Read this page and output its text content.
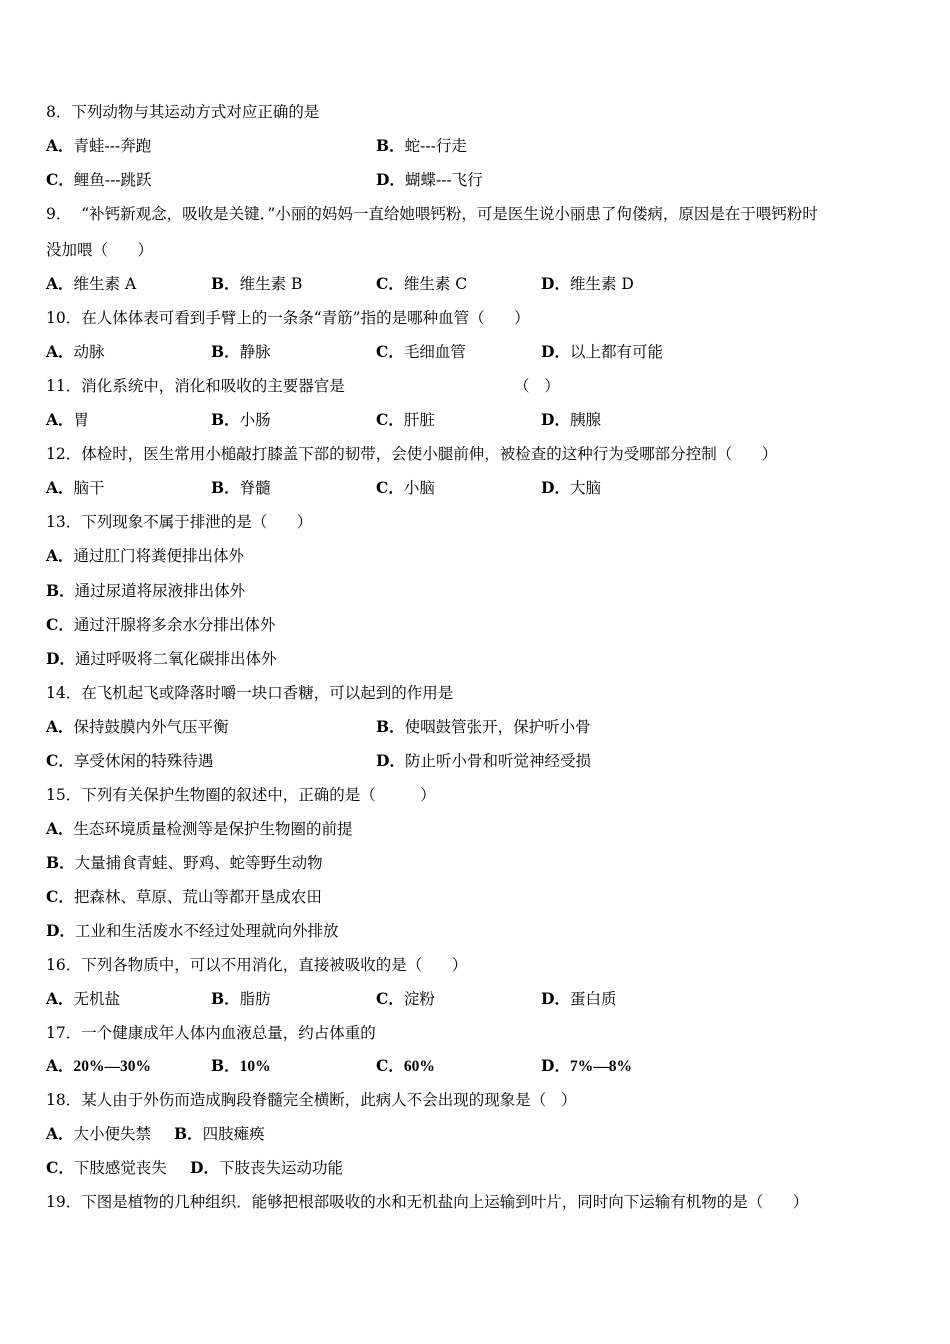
8．下列动物与其运动方式对应正确的是
A．青蛙---奔跑	B．蛇---行走
C．鲤鱼---跳跃	D．蝴蝶---飞行
9．  “补钙新观念，吸收是关键．”小丽的妈妈一直给她喂钙粉，可是医生说小丽患了佝偻病，原因是在于喂钙粉时
没加喂（      ）
A．维生素 A	B．维生素 B	C．维生素 C	D．维生素 D
10．在人体体表可看到手臂上的一条条“青筋”指的是哪种血管（      ）
A．动脉	B．静脉	C．毛细血管	D．以上都有可能
11．消化系统中，消化和吸收的主要器官是	（   ）
A．胃	B．小肠	C．肝脏	D．胰腺
12．体检时，医生常用小槌敲打膝盖下部的韧带，会使小腿前伸，被检查的这种行为受哪部分控制（      ）
A．脑干	B．脊髓	C．小脑	D．大脑
13．下列现象不属于排泄的是（      ）
A．通过肛门将粪便排出体外
B．通过尿道将尿液排出体外
C．通过汗腺将多余水分排出体外
D．通过呼吸将二氧化碳排出体外
14．在飞机起飞或降落时嚼一块口香糖，可以起到的作用是
A．保持鼓膜内外气压平衡	B．使咽鼓管张开，保护听小骨
C．享受休闲的特殊待遇	D．防止听小骨和听觉神经受损
15．下列有关保护生物圈的叙述中，正确的是（         ）
A．生态环境质量检测等是保护生物圈的前提
B．大量捕食青蛙、野鸡、蛇等野生动物
C．把森林、草原、荒山等都开垦成农田
D．工业和生活废水不经过处理就向外排放
16．下列各物质中，可以不用消化，直接被吸收的是（      ）
A．无机盐	B．脂肪	C．淀粉	D．蛋白质
17．一个健康成年人体内血液总量，约占体重的
A．20%—30%	B．10%	C．60%	D．7%—8%
18．某人由于外伤而造成胸段脊髓完全横断，此病人不会出现的现象是（   ）
A．大小便失禁 B．四肢瘫痪
C．下肢感觉丧失 D．下肢丧失运动功能
19．下图是植物的几种组织．能够把根部吸收的水和无机盐向上运输到叶片，同时向下运输有机物的是（      ）
